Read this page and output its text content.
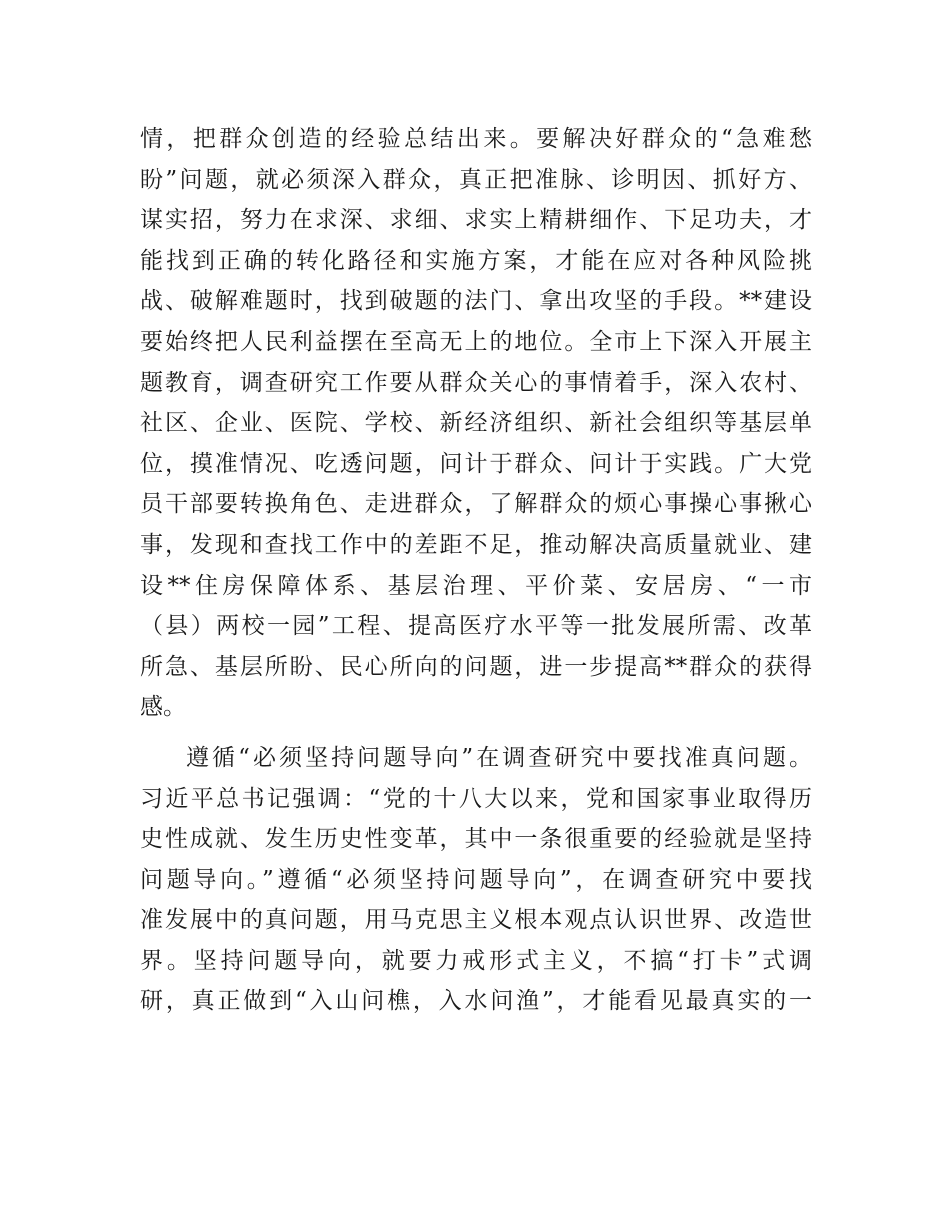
情，把群众创造的经验总结出来。要解决好群众的“急难愁
盼”问题，就必须深入群众，真正把准脉、诊明因、抓好方、
谋实招，努力在求深、求细、求实上精耕细作、下足功夫，才
能找到正确的转化路径和实施方案，才能在应对各种风险挑
战、破解难题时，找到破题的法门、拿出攻坚的手段。**建设
要始终把人民利益摆在至高无上的地位。全市上下深入开展主
题教育，调查研究工作要从群众关心的事情着手，深入农村、
社区、企业、医院、学校、新经济组织、新社会组织等基层单
位，摸准情况、吃透问题，问计于群众、问计于实践。广大党
员干部要转换角色、走进群众，了解群众的烦心事操心事揪心
事，发现和查找工作中的差距不足，推动解决高质量就业、建
设**住房保障体系、基层治理、平价菜、安居房、“一市
（县）两校一园”工程、提高医疗水平等一批发展所需、改革
所急、基层所盼、民心所向的问题，进一步提高**群众的获得
感。
遵循“必须坚持问题导向”在调查研究中要找准真问题。
习近平总书记强调：“党的十八大以来，党和国家事业取得历
史性成就、发生历史性变革，其中一条很重要的经验就是坚持
问题导向。”遵循“必须坚持问题导向”，在调查研究中要找
准发展中的真问题，用马克思主义根本观点认识世界、改造世
界。坚持问题导向，就要力戒形式主义，不搞“打卡”式调
研，真正做到“入山问樵，入水问渔”，才能看见最真实的一
